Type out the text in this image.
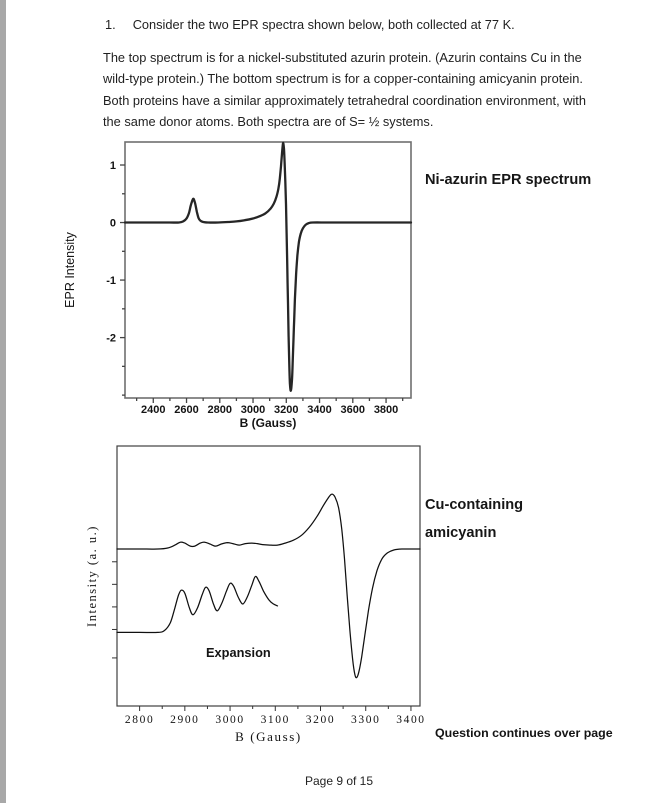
1. Consider the two EPR spectra shown below, both collected at 77 K.
The top spectrum is for a nickel-substituted azurin protein. (Azurin contains Cu in the
wild-type protein.) The bottom spectrum is for a copper-containing amicyanin protein.
Both proteins have a similar approximately tetrahedral coordination environment, with
the same donor atoms. Both spectra are of S= ½ systems.
2400 2600 2800 3000 3200 3400 3600 3800
1
0
-1
-2
B (Gauss)
EPR Intensity
2800 2900 3000 3100 3200 3300 3400
B (Gauss)
Intensity (a. u.)
Expansion
Ni-azurin EPR spectrum
Cu-containing
amicyanin
Question continues over page
Page 9 of 15
